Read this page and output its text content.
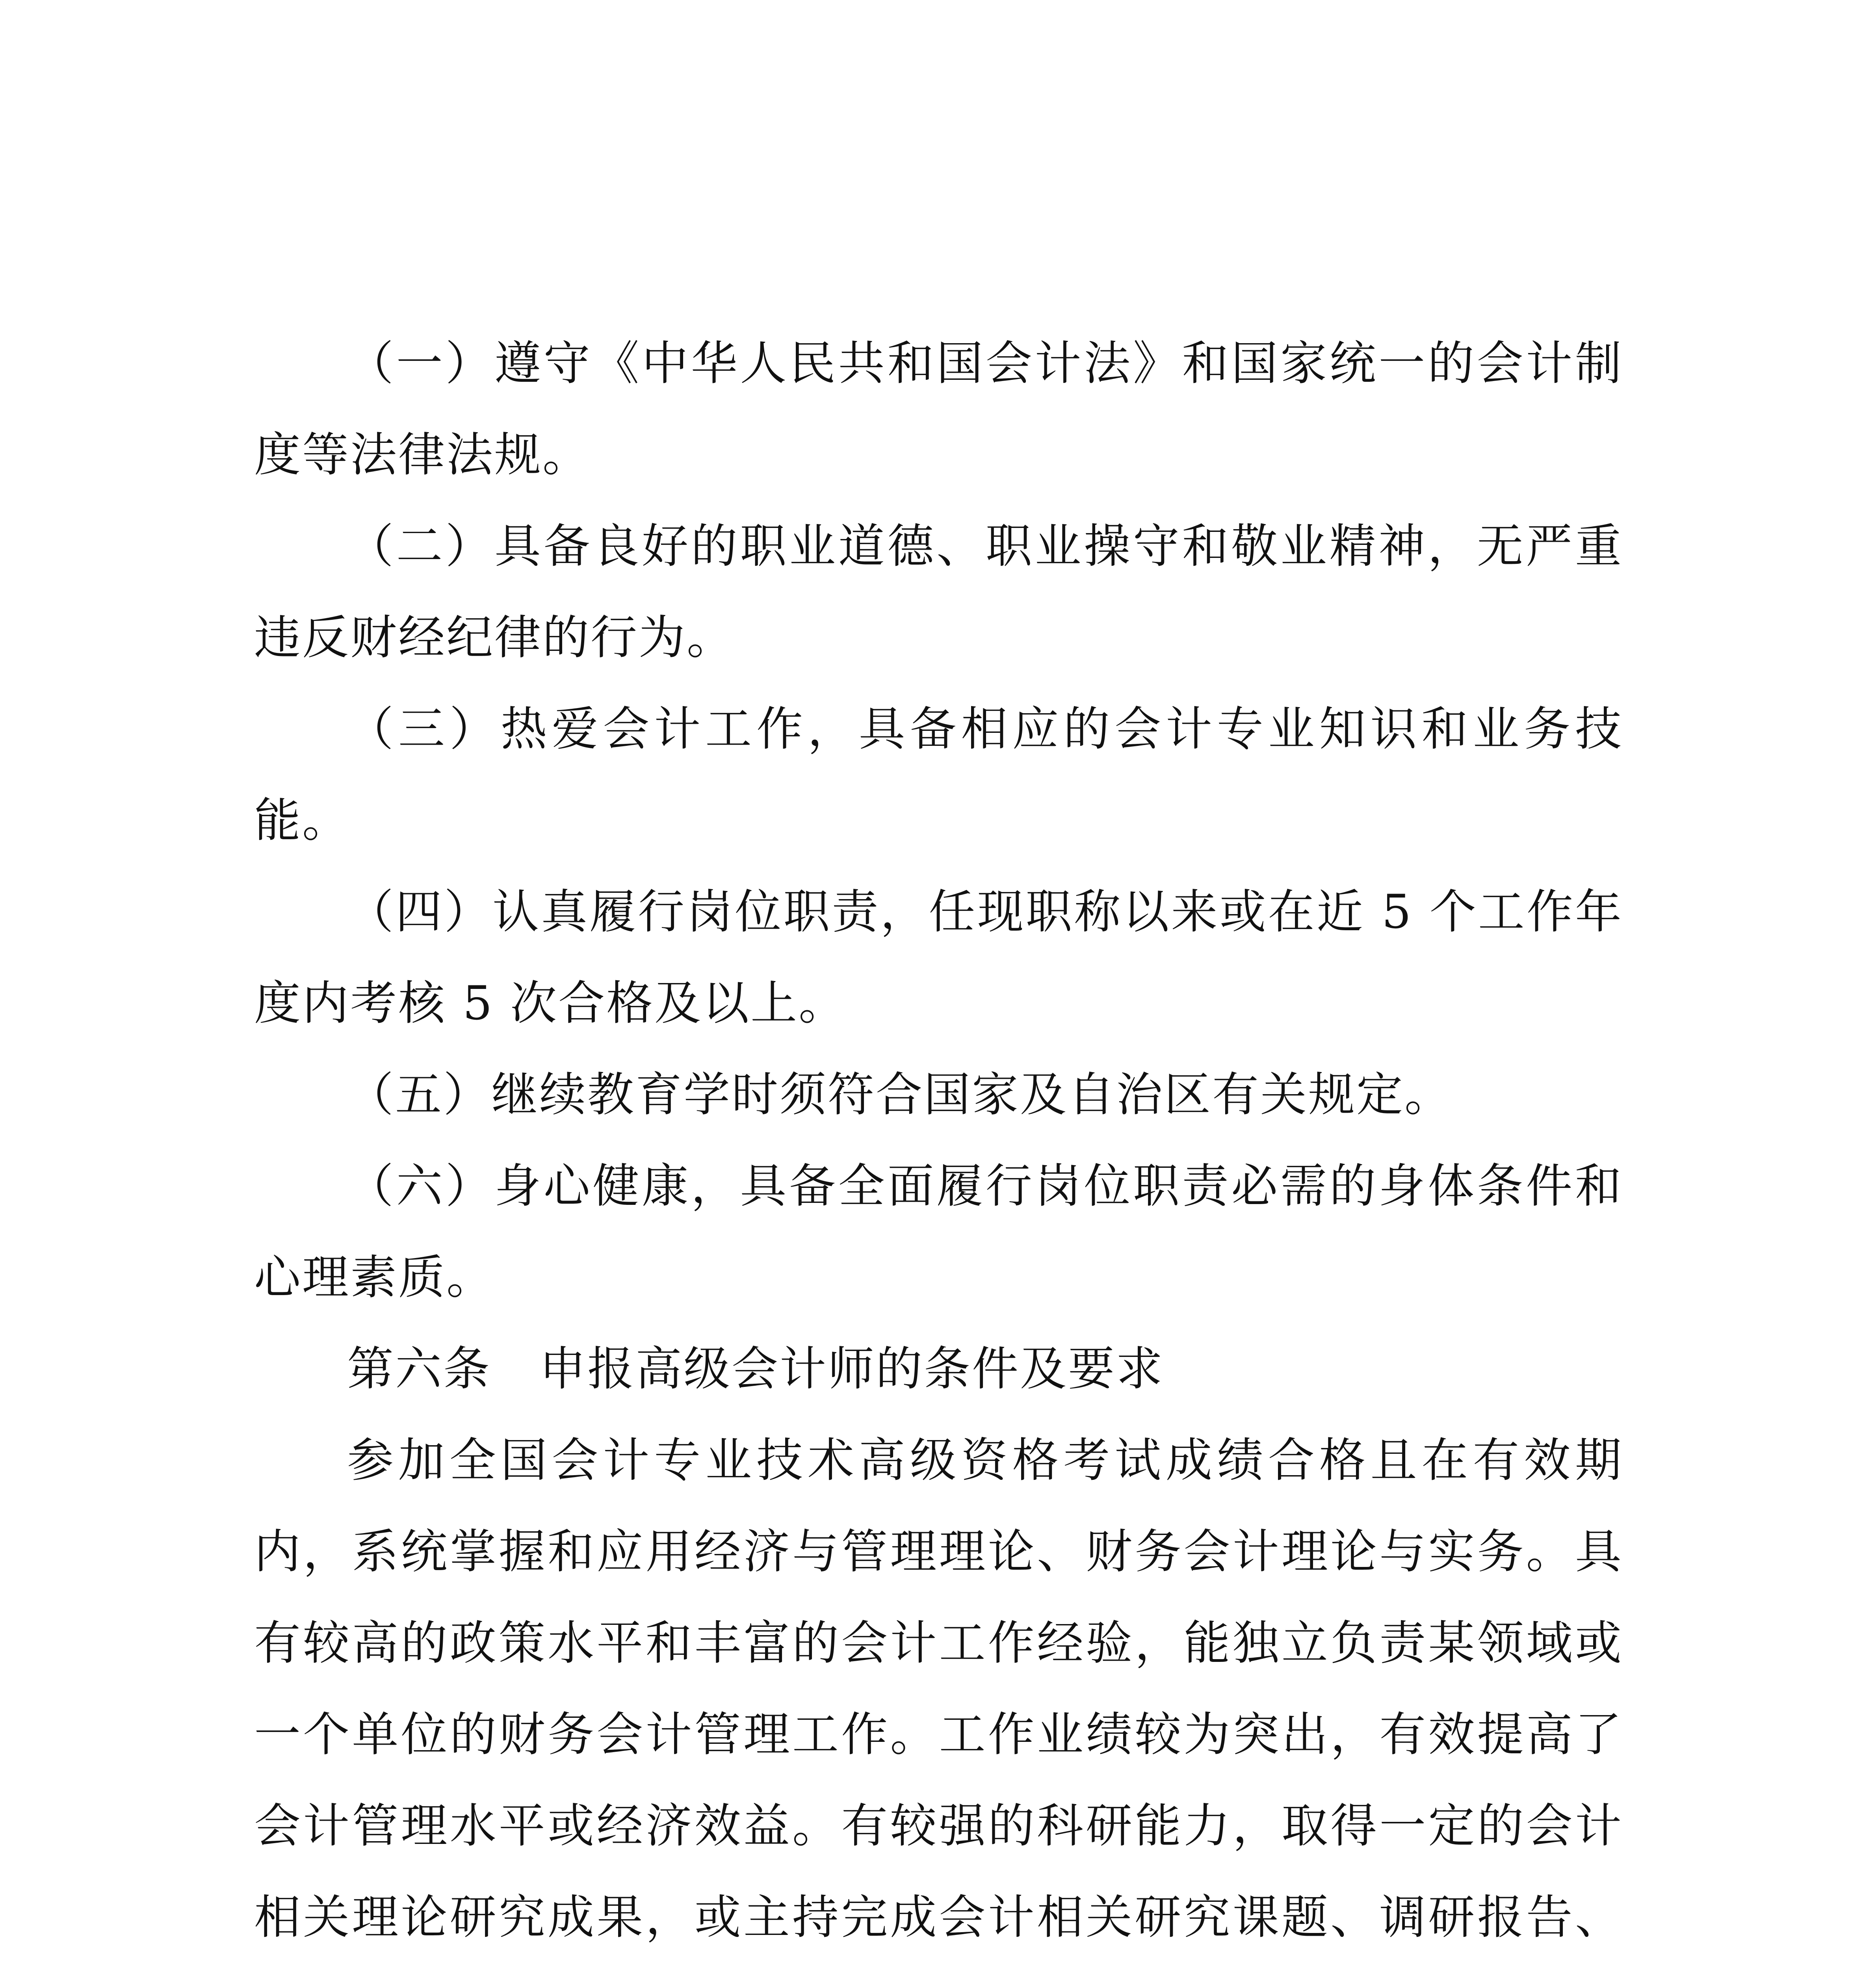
（一）遵守《中华人民共和国会计法》和国家统一的会计制度等法律法规。

（二）具备良好的职业道德、职业操守和敬业精神，无严重违反财经纪律的行为。

（三）热爱会计工作，具备相应的会计专业知识和业务技能。

（四）认真履行岗位职责，任现职称以来或在近 5 个工作年度内考核 5 次合格及以上。

（五）继续教育学时须符合国家及自治区有关规定。

（六）身心健康，具备全面履行岗位职责必需的身体条件和心理素质。

第六条　申报高级会计师的条件及要求

参加全国会计专业技术高级资格考试成绩合格且在有效期内，系统掌握和应用经济与管理理论、财务会计理论与实务。具有较高的政策水平和丰富的会计工作经验，能独立负责某领域或一个单位的财务会计管理工作。工作业绩较为突出，有效提高了会计管理水平或经济效益。有较强的科研能力，取得一定的会计相关理论研究成果，或主持完成会计相关研究课题、调研报告、
